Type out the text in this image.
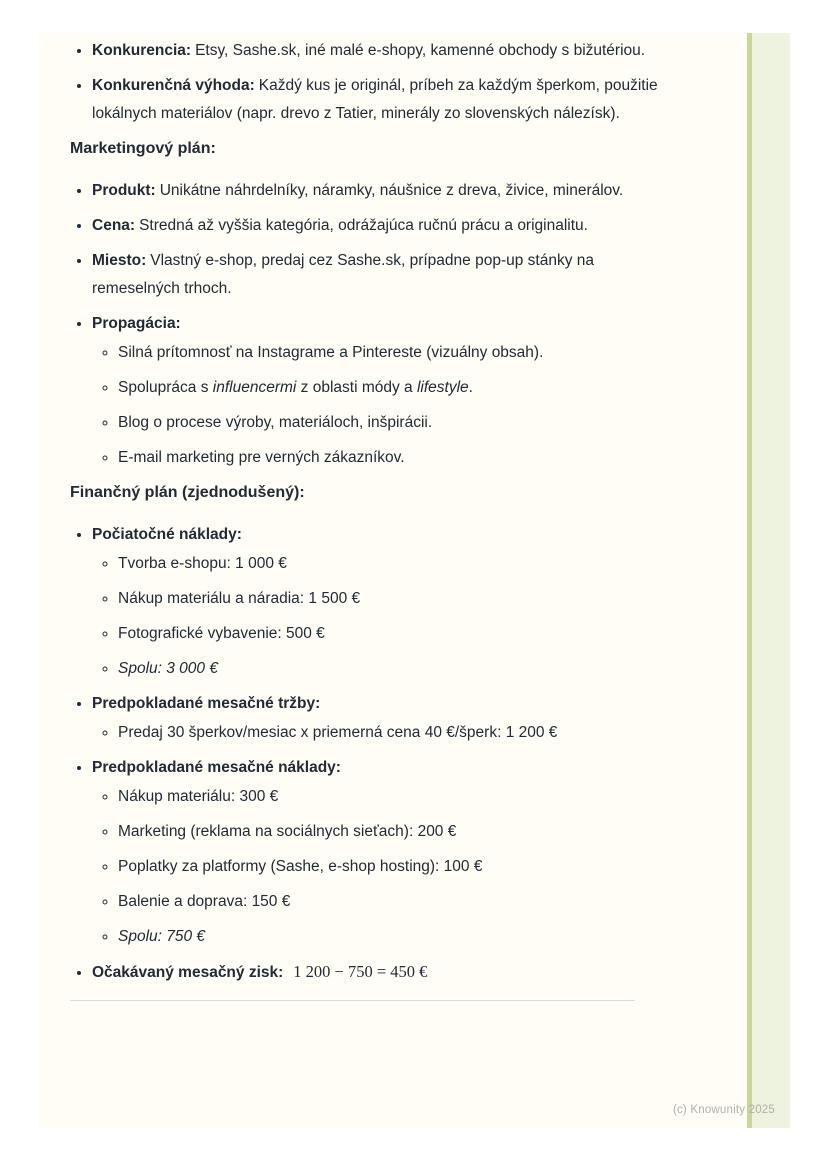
• Konkurencia: Etsy, Sashe.sk, iné malé e-shopy, kamenné obchody s bižutériou.
• Konkurenčná výhoda: Každý kus je originál, príbeh za každým šperkom, použitie lokálnych materiálov (napr. drevo z Tatier, minerály zo slovenských nálezísk).
Marketingový plán:
• Produkt: Unikátne náhrdelníky, náramky, náušnice z dreva, živice, minerálov.
• Cena: Stredná až vyššia kategória, odrážajúca ručnú prácu a originalitu.
• Miesto: Vlastný e-shop, predaj cez Sashe.sk, prípadne pop-up stánky na remeselných trhoch.
• Propagácia:
◦ Silná prítomnosť na Instagrame a Pintereste (vizuálny obsah).
◦ Spolupráca s influencermi z oblasti módy a lifestyle.
◦ Blog o procese výroby, materiáloch, inšpirácii.
◦ E-mail marketing pre verných zákazníkov.
Finančný plán (zjednodušený):
• Počiatočné náklady:
◦ Tvorba e-shopu: 1 000 €
◦ Nákup materiálu a náradia: 1 500 €
◦ Fotografické vybavenie: 500 €
◦ Spolu: 3 000 €
• Predpokladané mesačné tržby:
◦ Predaj 30 šperkov/mesiac x priemerná cena 40 €/šperk: 1 200 €
• Predpokladané mesačné náklady:
◦ Nákup materiálu: 300 €
◦ Marketing (reklama na sociálnych sieťach): 200 €
◦ Poplatky za platformy (Sashe, e-shop hosting): 100 €
◦ Balenie a doprava: 150 €
◦ Spolu: 750 €
• Očakávaný mesačný zisk: 1 200 − 750 = 450 €
(c) Knowunity 2025
